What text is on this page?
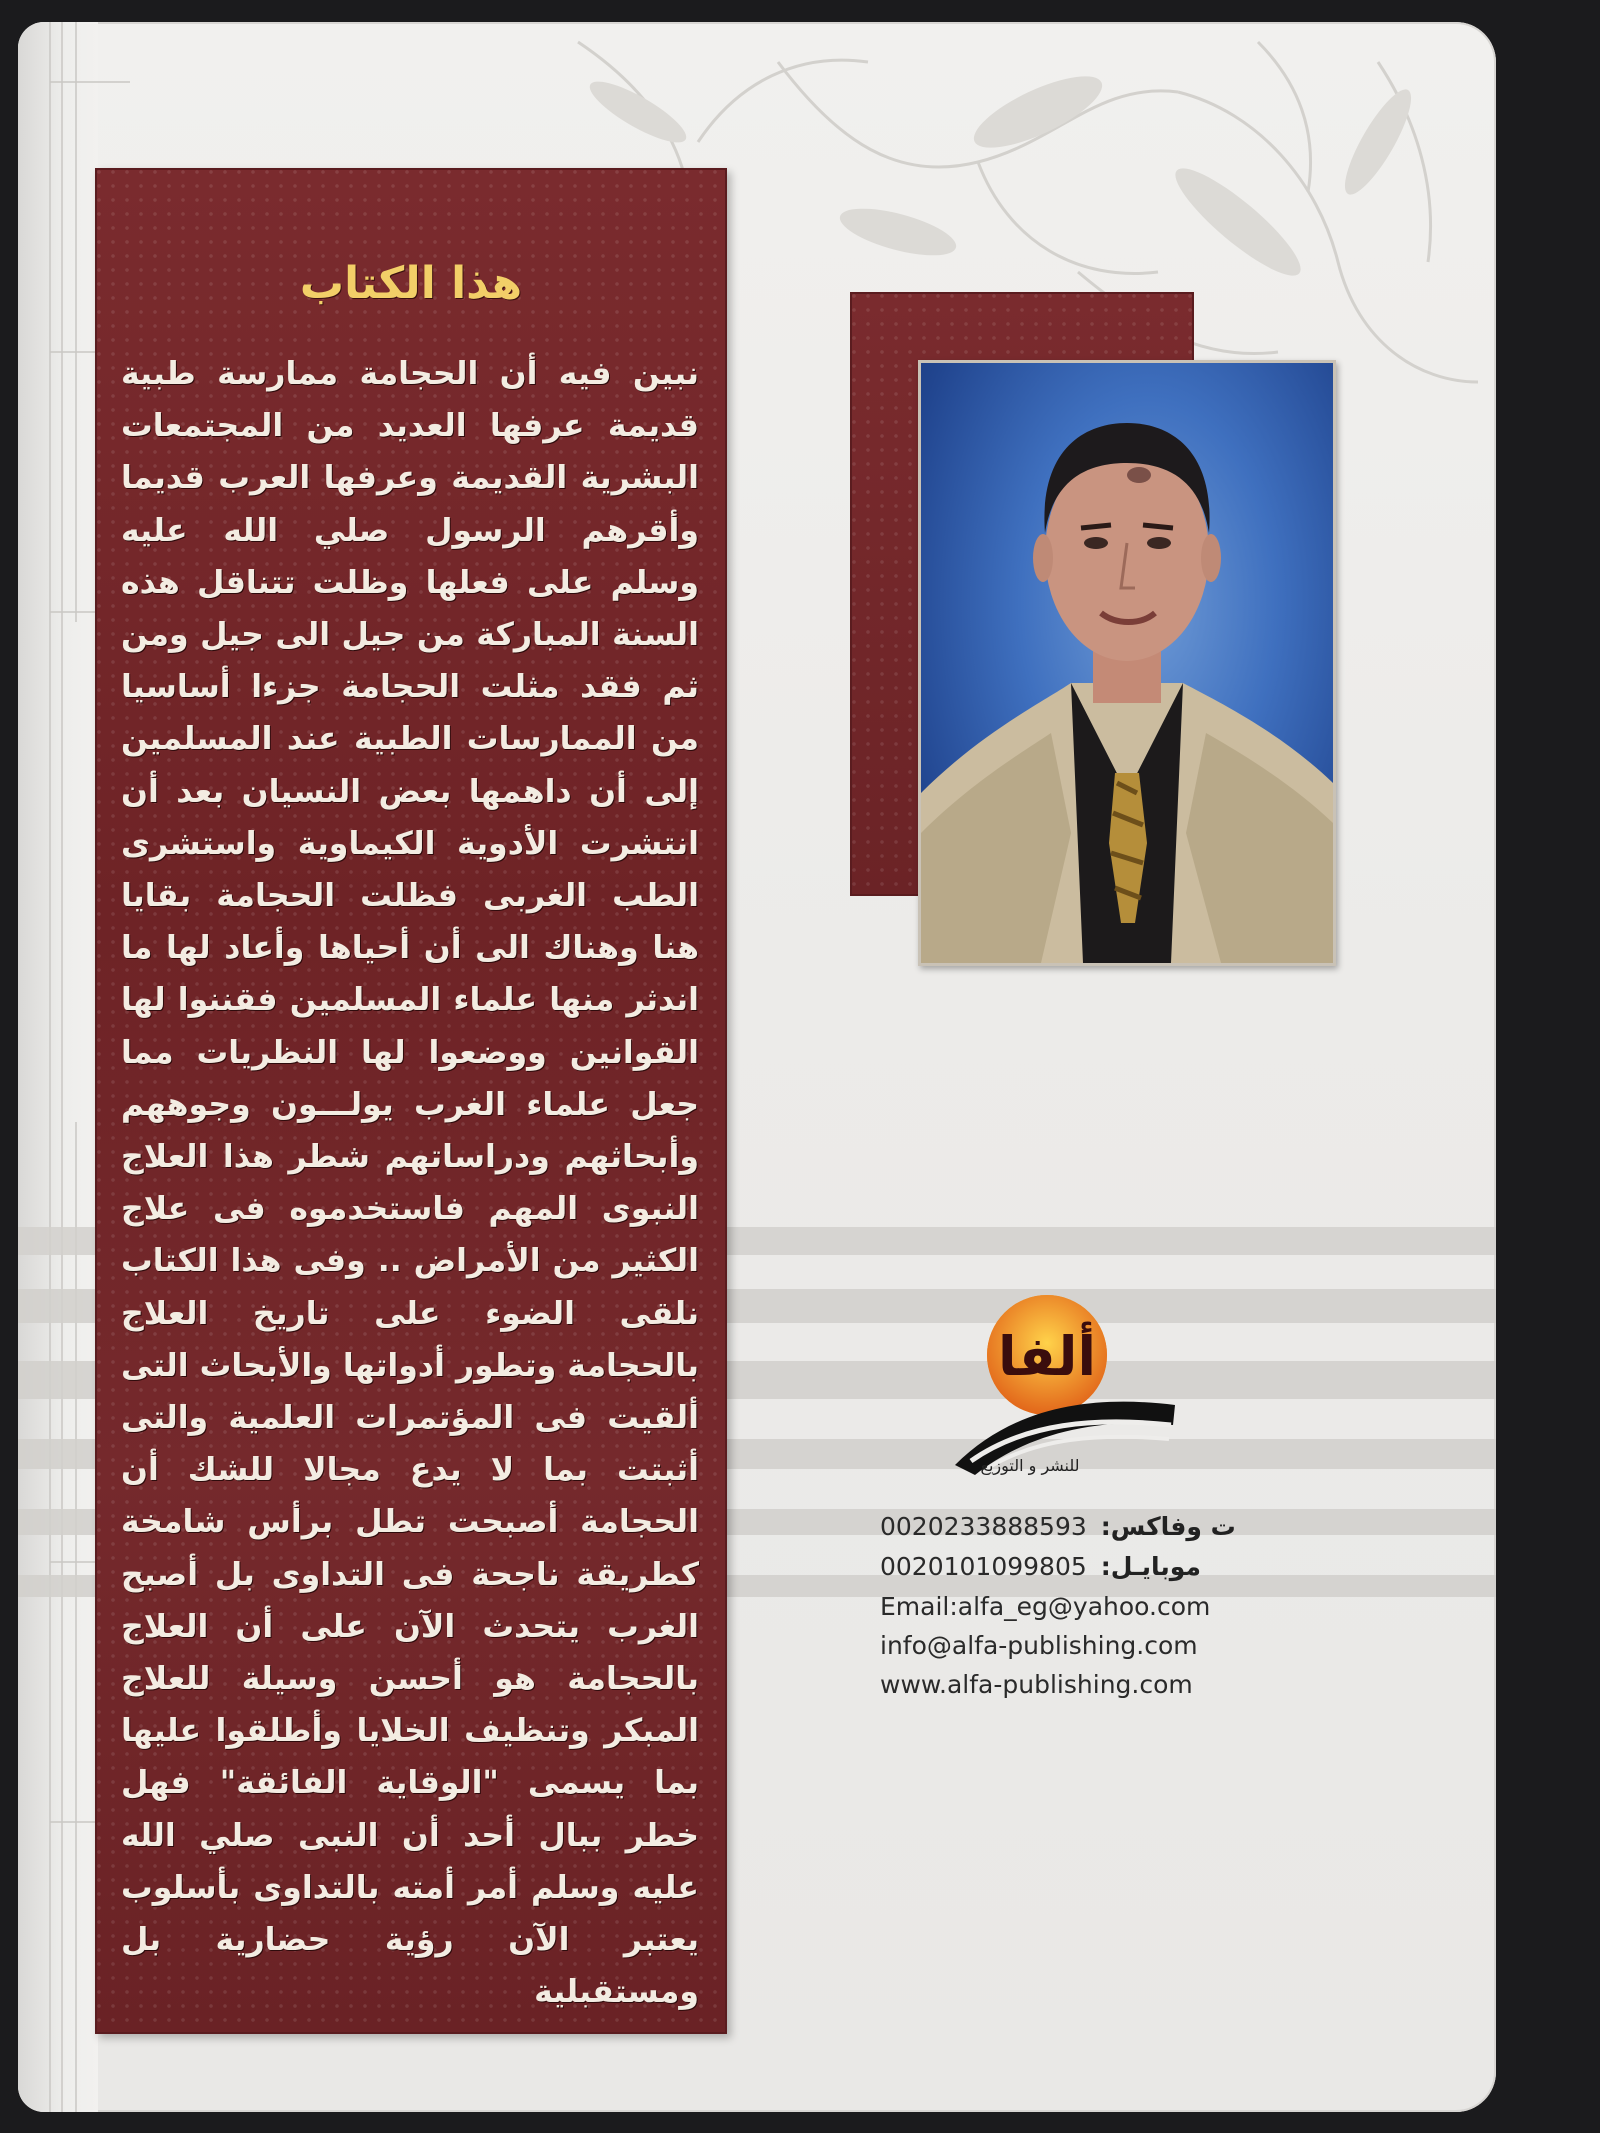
هذا الكتاب
نبين فيه أن الحجامة ممارسة طبية قديمة عرفها العديد من المجتمعات البشرية القديمة وعرفها العرب قديما وأقرهم الرسول صلي الله عليه وسلم على فعلها وظلت تتناقل هذه السنة المباركة من جيل الى جيل ومن ثم فقد مثلت الحجامة جزءا أساسيا من الممارسات الطبية عند المسلمين إلى أن داهمها بعض النسيان بعد أن انتشرت الأدوية الكيماوية واستشرى الطب الغربى فظلت الحجامة بقايا هنا وهناك الى أن أحياها وأعاد لها ما اندثر منها علماء المسلمين فقننوا لها القوانين ووضعوا لها النظريات مما جعل علماء الغرب يولـــون وجوههم وأبحاثهم ودراساتهم شطر هذا العلاج النبوى المهم فاستخدموه فى علاج الكثير من الأمراض .. وفى هذا الكتاب نلقى الضوء على تاريخ العلاج بالحجامة وتطور أدواتها والأبحاث التى ألقيت فى المؤتمرات العلمية والتى أثبتت بما لا يدع مجالا للشك أن الحجامة أصبحت تطل برأس شامخة كطريقة ناجحة فى التداوى بل أصبح الغرب يتحدث الآن على أن العلاج بالحجامة هو أحسن وسيلة للعلاج المبكر وتنظيف الخلايا وأطلقوا عليها بما يسمى "الوقاية الفائقة" فهل خطر ببال أحد أن النبى صلي الله عليه وسلم أمر أمته بالتداوى بأسلوب يعتبر الآن رؤية حضارية بل ومستقبلية
ألفا
للنشر و التوزيع
0020233888593 ت وفاكس:
0020101099805 موبايـل:
Email:alfa_eg@yahoo.com
info@alfa-publishing.com
www.alfa-publishing.com
